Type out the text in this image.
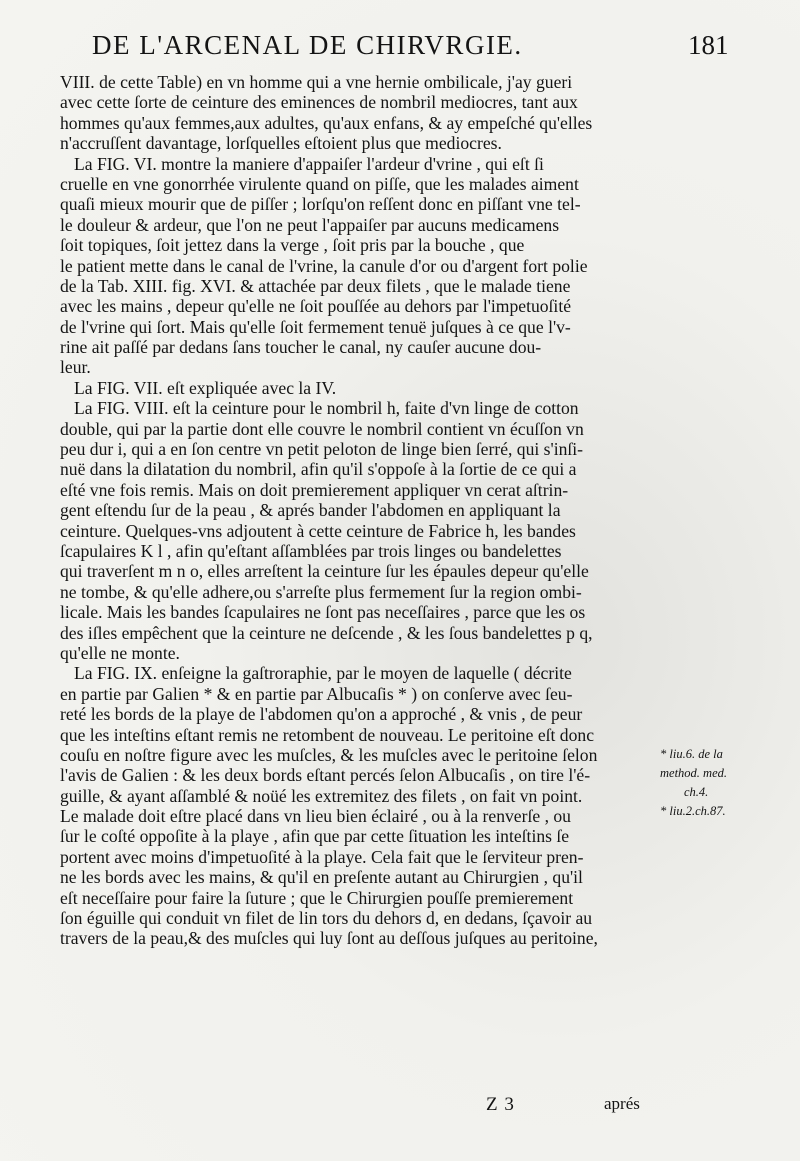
DE L'ARCENAL DE CHIRVRGIE.	181
VIII. de cette Table) en vn homme qui a vne hernie ombilicale, j'ay gueri
avec cette ſorte de ceinture des eminences de nombril mediocres, tant aux
hommes qu'aux femmes,aux adultes, qu'aux enfans, & ay empeſché qu'elles
n'accruſſent davantage, lorſquelles eſtoient plus que mediocres.
La FIG. VI. montre la maniere d'appaiſer l'ardeur d'vrine , qui eſt ſi
cruelle en vne gonorrhée virulente quand on piſſe, que les malades aiment
quaſi mieux mourir que de piſſer ; lorſqu'on reſſent donc en piſſant vne tel-
le douleur & ardeur, que l'on ne peut l'appaiſer par aucuns medicamens
ſoit topiques, ſoit jettez dans la verge , ſoit pris par la bouche , que
le patient mette dans le canal de l'vrine, la canule d'or ou d'argent fort polie
de la Tab. XIII. fig. XVI. & attachée par deux filets , que le malade tiene
avec les mains , depeur qu'elle ne ſoit pouſſée au dehors par l'impetuoſité
de l'vrine qui ſort. Mais qu'elle ſoit fermement tenuë juſques à ce que l'v-
rine ait paſſé par dedans ſans toucher le canal, ny cauſer aucune dou-
leur.
La FIG. VII. eſt expliquée avec la IV.
La FIG. VIII. eſt la ceinture pour le nombril h, faite d'vn linge de cotton
double, qui par la partie dont elle couvre le nombril contient vn écuſſon vn
peu dur i, qui a en ſon centre vn petit peloton de linge bien ſerré, qui s'inſi-
nuë dans la dilatation du nombril, afin qu'il s'oppoſe à la ſortie de ce qui a
eſté vne fois remis. Mais on doit premierement appliquer vn cerat aſtrin-
gent eſtendu ſur de la peau , & aprés bander l'abdomen en appliquant la
ceinture. Quelques-vns adjoutent à cette ceinture de Fabrice h, les bandes
ſcapulaires K l , afin qu'eſtant aſſamblées par trois linges ou bandelettes
qui traverſent m n o, elles arreſtent la ceinture ſur les épaules depeur qu'elle
ne tombe, & qu'elle adhere,ou s'arreſte plus fermement ſur la region ombi-
licale. Mais les bandes ſcapulaires ne ſont pas neceſſaires , parce que les os
des iſles empêchent que la ceinture ne deſcende , & les ſous bandelettes p q,
qu'elle ne monte.
La FIG. IX. enſeigne la gaſtroraphie, par le moyen de laquelle ( décrite
en partie par Galien * & en partie par Albucaſis * ) on conſerve avec ſeu-
reté les bords de la playe de l'abdomen qu'on a approché , & vnis , de peur
que les inteſtins eſtant remis ne retombent de nouveau. Le peritoine eſt donc
couſu en noſtre figure avec les muſcles, & les muſcles avec le peritoine ſelon
l'avis de Galien : & les deux bords eſtant percés ſelon Albucaſis , on tire l'é-
guille, & ayant aſſamblé & noüé les extremitez des filets , on fait vn point.
Le malade doit eſtre placé dans vn lieu bien éclairé , ou à la renverſe , ou
ſur le coſté oppoſite à la playe , afin que par cette ſituation les inteſtins ſe
portent avec moins d'impetuoſité à la playe. Cela fait que le ſerviteur pren-
ne les bords avec les mains, & qu'il en preſente autant au Chirurgien , qu'il
eſt neceſſaire pour faire la ſuture ; que le Chirurgien pouſſe premierement
ſon éguille qui conduit vn filet de lin tors du dehors d, en dedans, ſçavoir au
travers de la peau,& des muſcles qui luy ſont au deſſous juſques au peritoine,
* liu.6. de la
method. med.
ch.4.
* liu.2.ch.87.
Z 3	aprés
